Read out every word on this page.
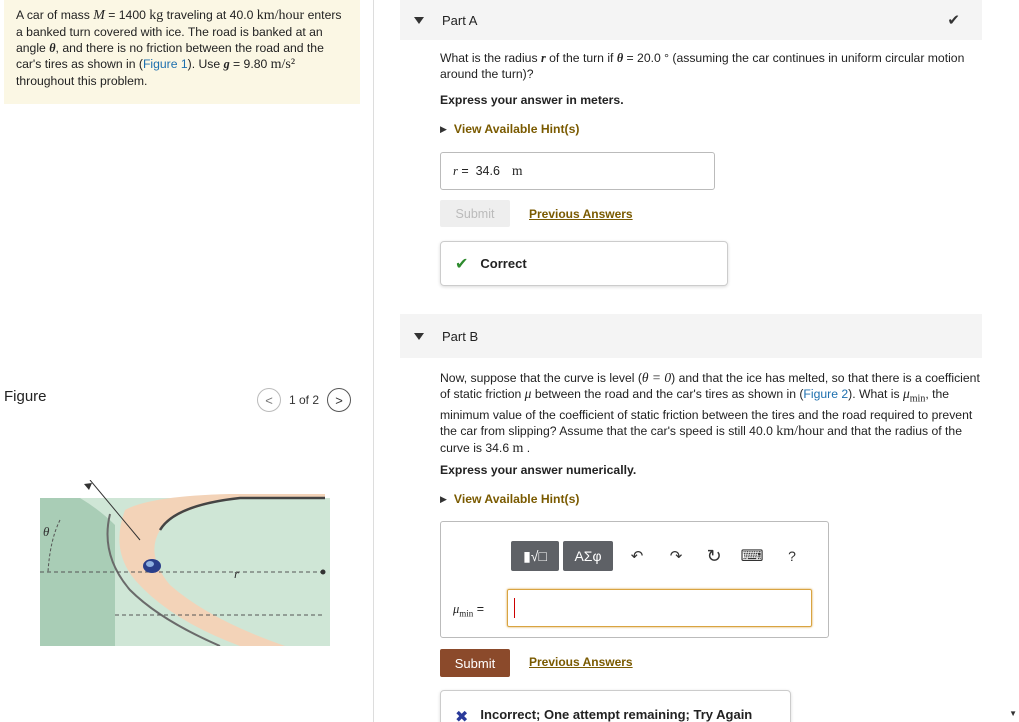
A car of mass M = 1400 kg traveling at 40.0 km/hour enters a banked turn covered with ice. The road is banked at an angle θ, and there is no friction between the road and the car's tires as shown in (Figure 1). Use g = 9.80 m/s² throughout this problem.
Figure	<	1 of 2	>
θ
r
Part A	✔
What is the radius r of the turn if θ = 20.0 ° (assuming the car continues in uniform circular motion around the turn)?
Express your answer in meters.
▶ View Available Hint(s)
r = 34.6 m
Submit	Previous Answers
✔ Correct
Part B
Now, suppose that the curve is level (θ = 0) and that the ice has melted, so that there is a coefficient of static friction μ between the road and the car's tires as shown in (Figure 2). What is $\mu_{min}$, the minimum value of the coefficient of static friction between the tires and the road required to prevent the car from slipping? Assume that the car's speed is still 40.0 km/hour and that the radius of the curve is 34.6 m .
Express your answer numerically.
▶ View Available Hint(s)
▮√□	ΑΣφ	↶	↷ ↻ ⌨ ?
$\mu_{min}$ =
Submit	Previous Answers
✖ Incorrect; One attempt remaining; Try Again	▼
